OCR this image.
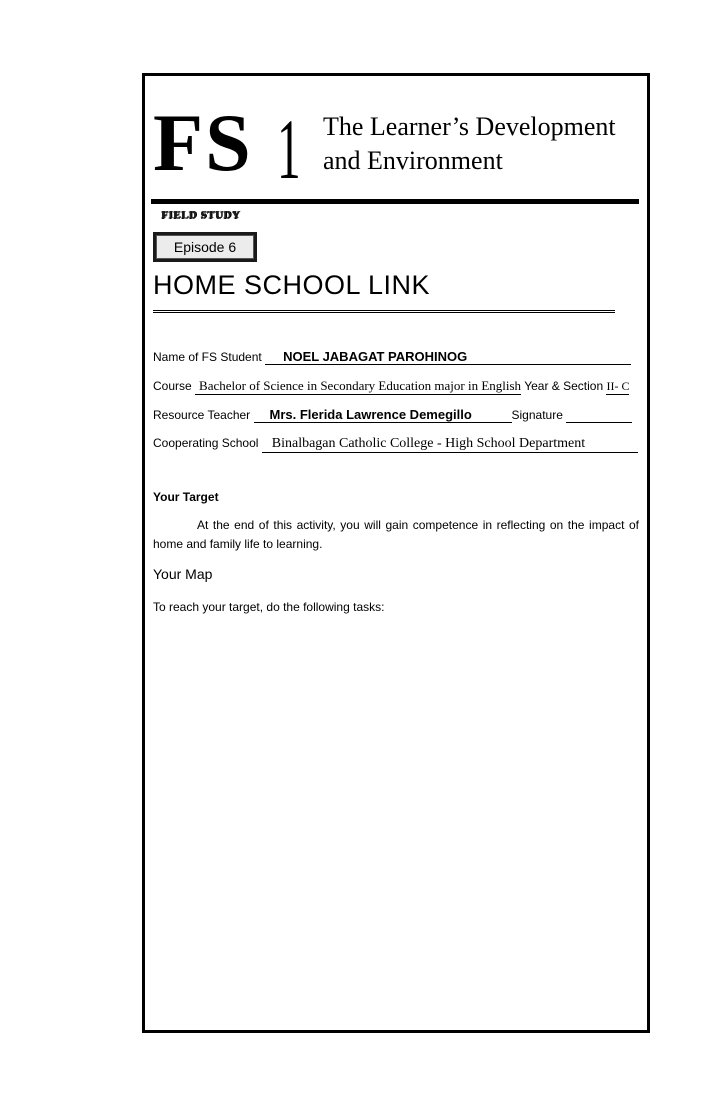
FS 1 The Learner’s Development
and Environment
FIELD STUDY
Episode 6
HOME SCHOOL LINK
Name of FS Student NOEL JABAGAT PAROHINOG
Course Bachelor of Science in Secondary Education major in English Year & Section II- C
Resource Teacher Mrs. Flerida Lawrence Demegillo	Signature
Cooperating School Binalbagan Catholic College - High School Department
Your Target
At the end of this activity, you will gain competence in reflecting on the impact of home and family life to learning.
Your Map
To reach your target, do the following tasks:
